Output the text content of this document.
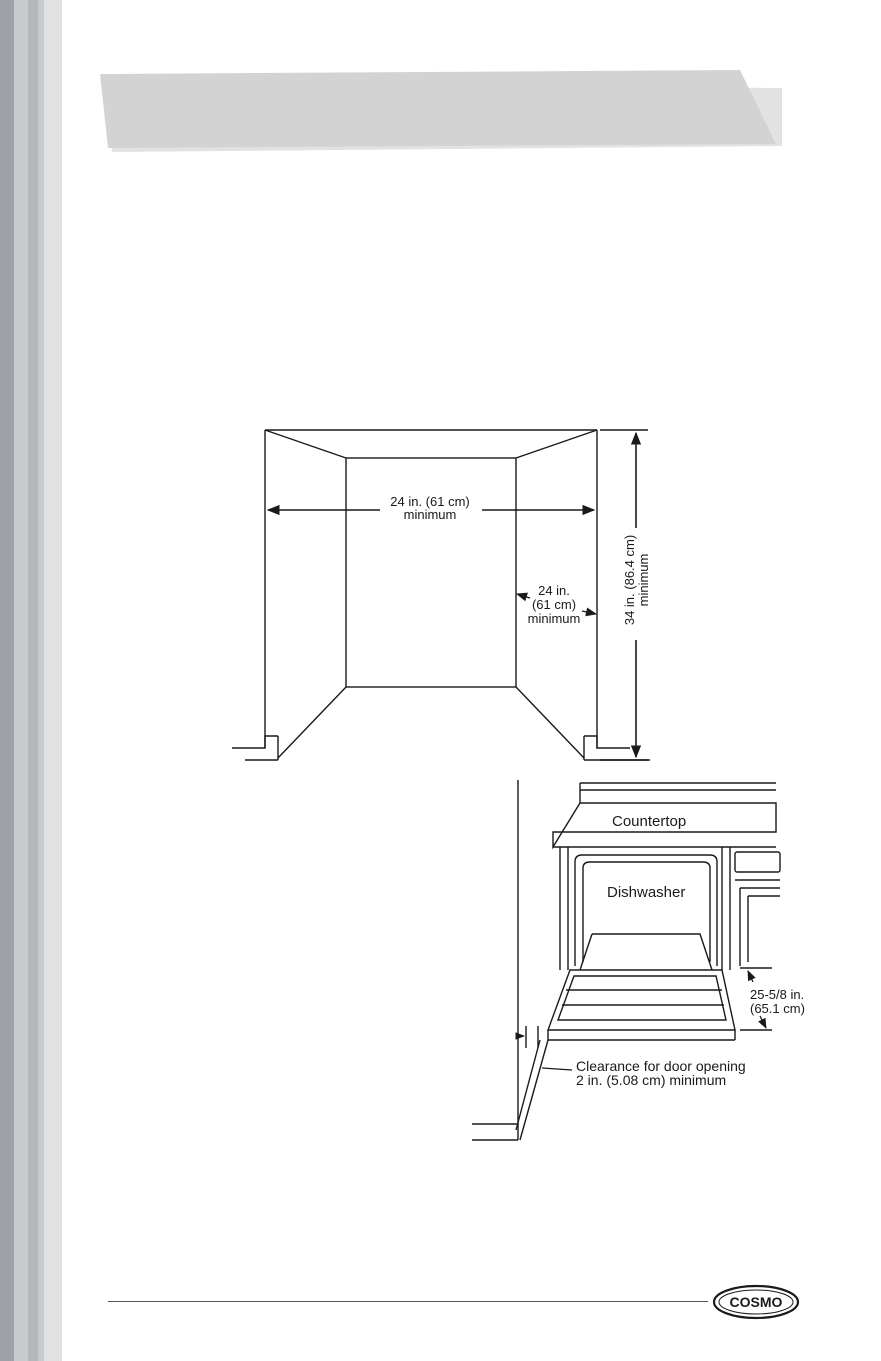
24 in. (61 cm)
minimum
24 in.
(61 cm)
minimum	34 in. (86.4 cm) minimum
Countertop
Dishwasher
25-5/8 in.
(65.1 cm)
Clearance for door opening
2 in. (5.08 cm) minimum
COSMO
